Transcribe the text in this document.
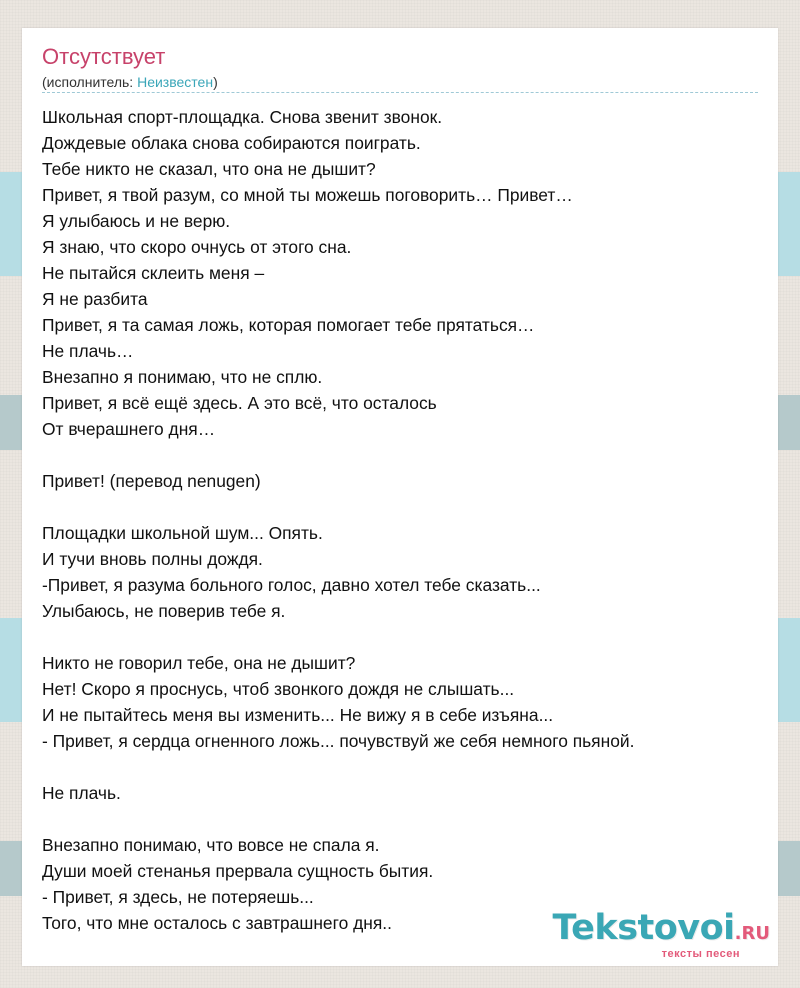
Отсутствует
(исполнитель: Неизвестен)
Школьная спорт-площадка. Снова звенит звонок.
Дождевые облака снова собираются поиграть.
Тебе никто не сказал, что она не дышит?
Привет, я твой разум, со мной ты можешь поговорить… Привет…
Я улыбаюсь и не верю.
Я знаю, что скоро очнусь от этого сна.
Не пытайся склеить меня –
Я не разбита
Привет, я та самая ложь, которая помогает тебе прятаться…
Не плачь…
Внезапно я понимаю, что не сплю.
Привет, я всё ещё здесь. А это всё, что осталось
От вчерашнего дня…
Привет! (перевод nenugen)
Площадки школьной шум... Опять.
И тучи вновь полны дождя.
-Привет, я разума больного голос, давно хотел тебе сказать...
Улыбаюсь, не поверив тебе я.
Никто не говорил тебе, она не дышит?
Нет! Скоро я проснусь, чтоб звонкого дождя не слышать...
И не пытайтесь меня вы изменить... Не вижу я в себе изъяна...
- Привет, я сердца огненного ложь... почувствуй же себя немного пьяной.
Не плачь.
Внезапно понимаю, что вовсе не спала я.
Души моей стенанья прервала сущность бытия.
- Привет, я здесь, не потеряешь...
Того, что мне осталось с завтрашнего дня..	Tekstovoi.RU
тексты песен
